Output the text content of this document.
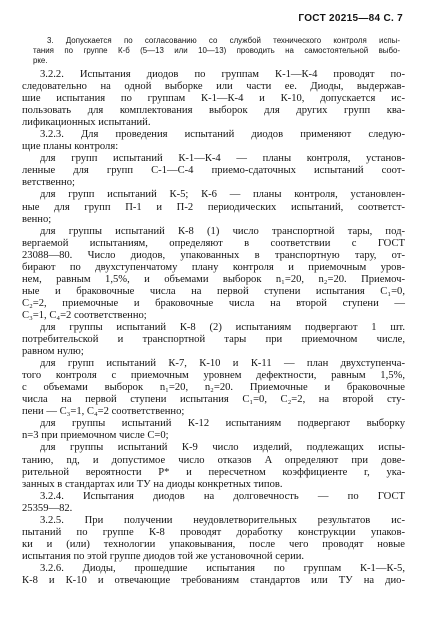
ГОСТ 20215—84 С. 7
3. Допускается по согласованию со службой технического контроля испы-
тания по группе К-б (5—13 или 10—13) проводить на самостоятельной выбо-
рке.
3.2.2. Испытания диодов по группам К-1—К-4 проводят по-
следовательно на одной выборке или части ее. Диоды, выдержав-
шие испытания по группам К-1—К-4 и К-10, допускается ис-
пользовать для комплектования выборок для других групп ква-
лификационных испытаний.
3.2.3. Для проведения испытаний диодов применяют следую-
щие планы контроля:
для групп испытаний К-1—К-4 — планы контроля, установ-
ленные для групп С-1—С-4 приемо-сдаточных испытаний соот-
ветственно;
для групп испытаний К-5; К-6 — планы контроля, установлен-
ные для групп П-1 и П-2 периодических испытаний, соответст-
венно;
для группы испытаний К-8 (1) число транспортной тары, под-
вергаемой испытаниям, определяют в соответствии с ГОСТ
23088—80. Число диодов, упакованных в транспортную тару, от-
бирают по двухступенчатому плану контроля и приемочным уров-
нем, равным 1,5%, и объемами выборок n₁=20, n₂=20. Приемоч-
ные и браковочные числа на первой ступени испытания C₁=0,
C₂=2, приемочные и браковочные числа на второй ступени —
C₃=1, C₄=2 соответственно;
для группы испытаний К-8 (2) испытаниям подвергают 1 шт.
потребительской и транспортной тары при приемочном числе,
равном нулю;
для групп испытаний К-7, К-10 и К-11 — план двухступенча-
того контроля с приемочным уровнем дефектности, равным 1,5%,
с объемами выборок n₁=20, n₂=20. Приемочные и браковочные
числа на первой ступени испытания C₁=0, C₂=2, на второй сту-
пени — C₃=1, C₄=2 соответственно;
для группы испытаний К-12 испытаниям подвергают выборку
n=3 при приемочном числе C=0;
для группы испытаний К-9 число изделий, подлежащих испы-
танию, nд, и допустимое число отказов A определяют при дове-
рительной вероятности P* и пересчетном коэффициенте r, ука-
занных в стандартах или ТУ на диоды конкретных типов.
3.2.4. Испытания диодов на долговечность — по ГОСТ
25359—82.
3.2.5. При получении неудовлетворительных результатов ис-
пытаний по группе К-8 проводят доработку конструкции упаков-
ки и (или) технологии упаковывания, после чего проводят новые
испытания по этой группе диодов той же установочной серии.
3.2.6. Диоды, прошедшие испытания по группам К-1—К-5,
К-8 и К-10 и отвечающие требованиям стандартов или ТУ на дио-
